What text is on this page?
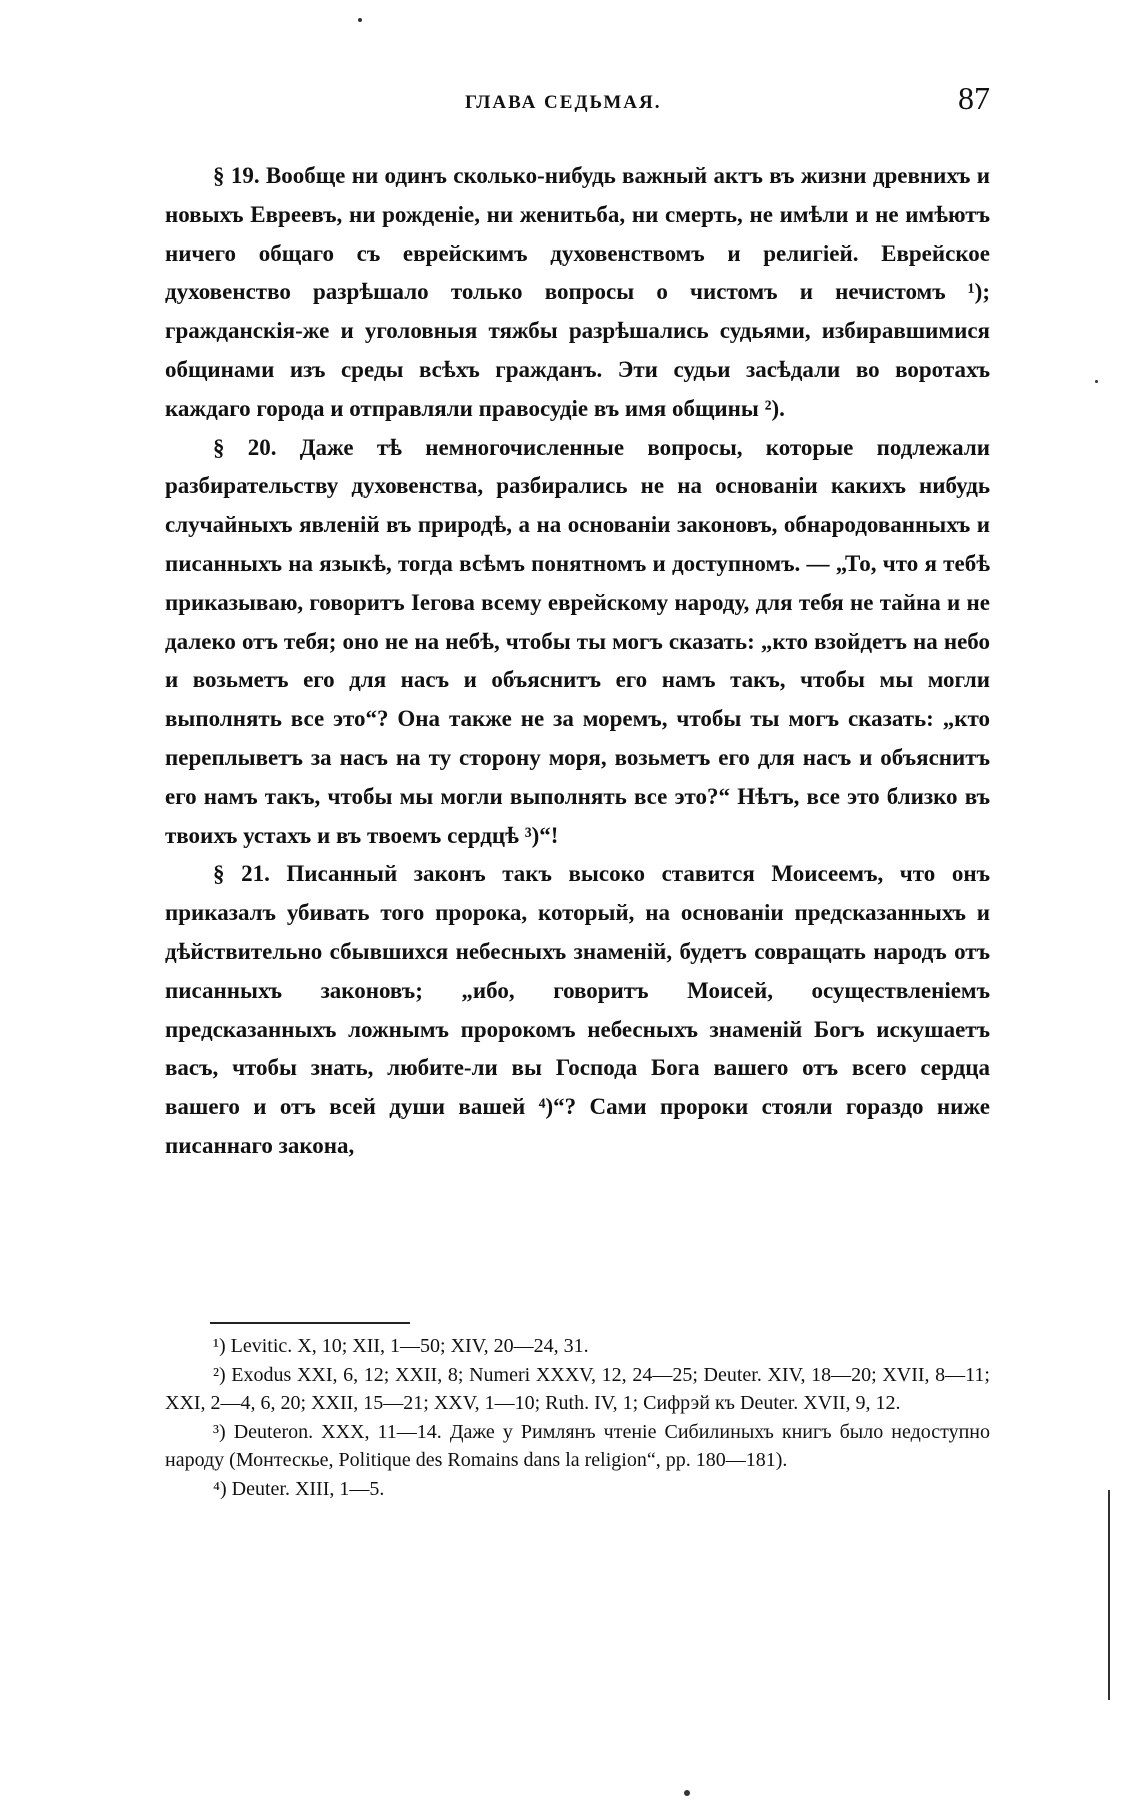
ГЛАВА СЕДЬМАЯ.	87

§ 19. Вообще ни одинъ сколько-нибудь важный актъ въ жизни древнихъ и новыхъ Евреевъ, ни рожденіе, ни женитьба, ни смерть, не имѣли и не имѣютъ ничего общаго съ еврейскимъ духовенствомъ и религіей. Еврейское духовенство разрѣшало только вопросы о чистомъ и нечистомъ ¹); гражданскія-же и уголовныя тяжбы разрѣшались судьями, избиравшимися общинами изъ среды всѣхъ гражданъ. Эти судьи засѣдали во воротахъ каждаго города и отправляли правосудіе въ имя общины ²).

§ 20. Даже тѣ немногочисленные вопросы, которые подлежали разбирательству духовенства, разбирались не на основаніи какихъ нибудь случайныхъ явленій въ природѣ, а на основаніи законовъ, обнародованныхъ и писанныхъ на языкѣ, тогда всѣмъ понятномъ и доступномъ. — „То, что я тебѣ приказываю, говоритъ Іегова всему еврейскому народу, для тебя не тайна и не далеко отъ тебя; оно не на небѣ, чтобы ты могъ сказать: „кто взойдетъ на небо и возьметъ его для насъ и объяснитъ его намъ такъ, чтобы мы могли выполнять все это“? Она также не за моремъ, чтобы ты могъ сказать: „кто переплыветъ за насъ на ту сторону моря, возьметъ его для насъ и объяснитъ его намъ такъ, чтобы мы могли выполнять все это?“ Нѣтъ, все это близко въ твоихъ устахъ и въ твоемъ сердцѣ ³)“!

§ 21. Писанный законъ такъ высоко ставится Моисеемъ, что онъ приказалъ убивать того пророка, который, на основаніи предсказанныхъ и дѣйствительно сбывшихся небесныхъ знаменій, будетъ совращать народъ отъ писанныхъ законовъ; „ибо, говоритъ Моисей, осуществленіемъ предсказанныхъ ложнымъ пророкомъ небесныхъ знаменій Богъ искушаетъ васъ, чтобы знать, любите-ли вы Господа Бога вашего отъ всего сердца вашего и отъ всей души вашей ⁴)“? Сами пророки стояли гораздо ниже писаннаго закона,

¹) Levitic. X, 10; XII, 1—50; XIV, 20—24, 31.

²) Exodus XXI, 6, 12; XXII, 8; Numeri XXXV, 12, 24—25; Deuter. XIV, 18—20; XVII, 8—11; XXI, 2—4, 6, 20; XXII, 15—21; XXV, 1—10; Ruth. IV, 1; Сифрэй къ Deuter. XVII, 9, 12.

³) Deuteron. XXX, 11—14. Даже у Римлянъ чтеніе Сибилиныхъ книгъ было недоступно народу (Монтескье, Politique des Romains dans la religion“, pp. 180—181).

⁴) Deuter. XIII, 1—5.
